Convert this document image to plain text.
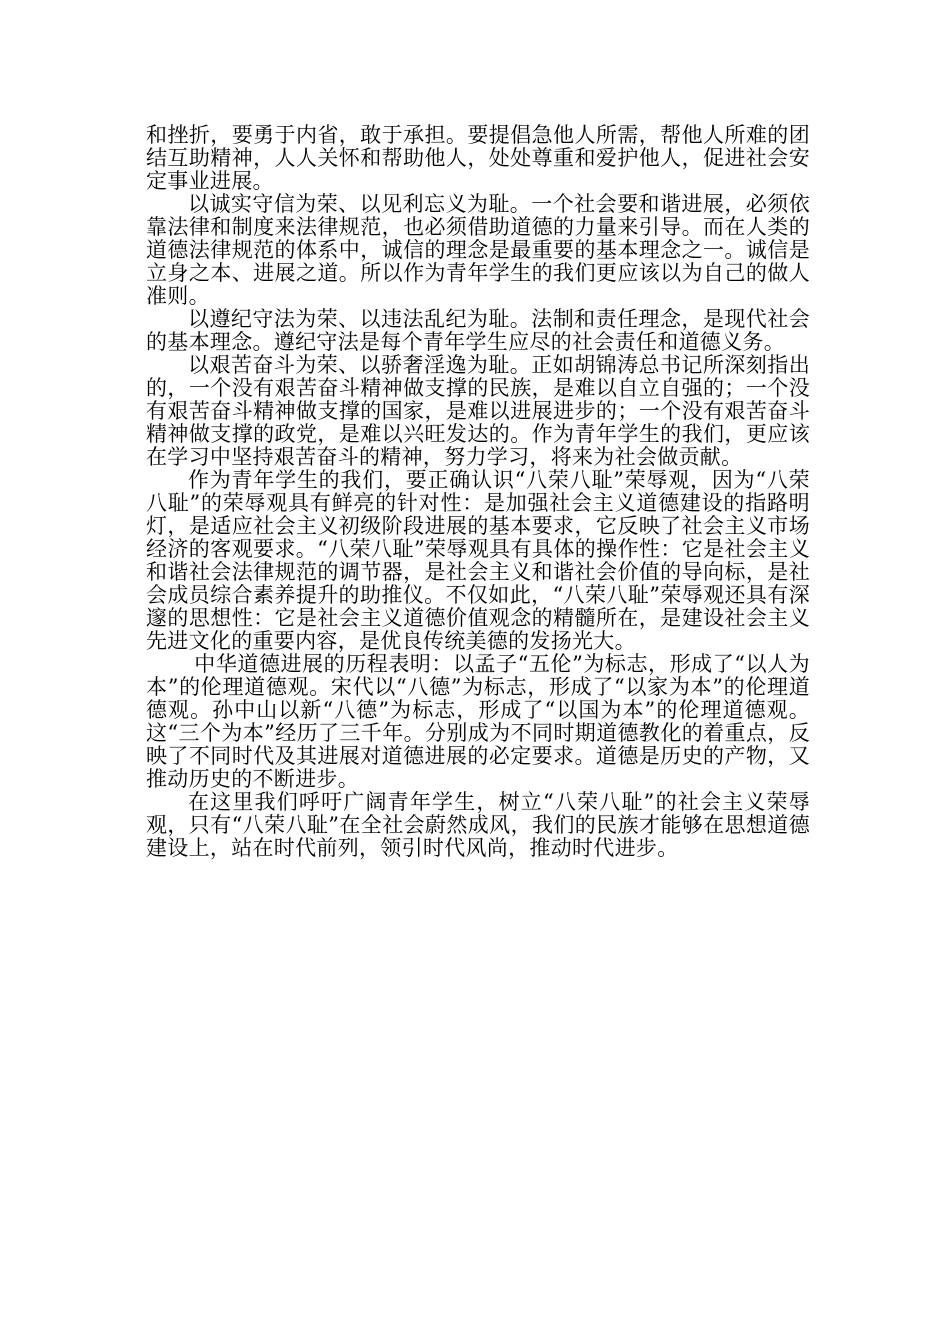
和挫折，要勇于内省，敢于承担。要提倡急他人所需，帮他人所难的团结互助精神，人人关怀和帮助他人，处处尊重和爱护他人，促进社会安定事业进展。

以诚实守信为荣、以见利忘义为耻。一个社会要和谐进展，必须依靠法律和制度来法律规范，也必须借助道德的力量来引导。而在人类的道德法律规范的体系中，诚信的理念是最重要的基本理念之一。诚信是立身之本、进展之道。所以作为青年学生的我们更应该以为自己的做人准则。

以遵纪守法为荣、以违法乱纪为耻。法制和责任理念，是现代社会的基本理念。遵纪守法是每个青年学生应尽的社会责任和道德义务。

以艰苦奋斗为荣、以骄奢淫逸为耻。正如胡锦涛总书记所深刻指出的，一个没有艰苦奋斗精神做支撑的民族，是难以自立自强的；一个没有艰苦奋斗精神做支撑的国家，是难以进展进步的；一个没有艰苦奋斗精神做支撑的政党，是难以兴旺发达的。作为青年学生的我们，更应该在学习中坚持艰苦奋斗的精神，努力学习，将来为社会做贡献。

作为青年学生的我们，要正确认识“八荣八耻”荣辱观，因为“八荣八耻”的荣辱观具有鲜亮的针对性：是加强社会主义道德建设的指路明灯，是适应社会主义初级阶段进展的基本要求，它反映了社会主义市场经济的客观要求。“八荣八耻”荣辱观具有具体的操作性：它是社会主义和谐社会法律规范的调节器，是社会主义和谐社会价值的导向标，是社会成员综合素养提升的助推仪。不仅如此，“八荣八耻”荣辱观还具有深邃的思想性：它是社会主义道德价值观念的精髓所在，是建设社会主义先进文化的重要内容，是优良传统美德的发扬光大。

中华道德进展的历程表明：以孟子“五伦”为标志，形成了“以人为本”的伦理道德观。宋代以“八德”为标志，形成了“以家为本”的伦理道德观。孙中山以新“八德”为标志，形成了“以国为本”的伦理道德观。这“三个为本”经历了三千年。分别成为不同时期道德教化的着重点，反映了不同时代及其进展对道德进展的必定要求。道德是历史的产物，又推动历史的不断进步。

在这里我们呼吁广阔青年学生，树立“八荣八耻”的社会主义荣辱观，只有“八荣八耻”在全社会蔚然成风，我们的民族才能够在思想道德建设上，站在时代前列，领引时代风尚，推动时代进步。
